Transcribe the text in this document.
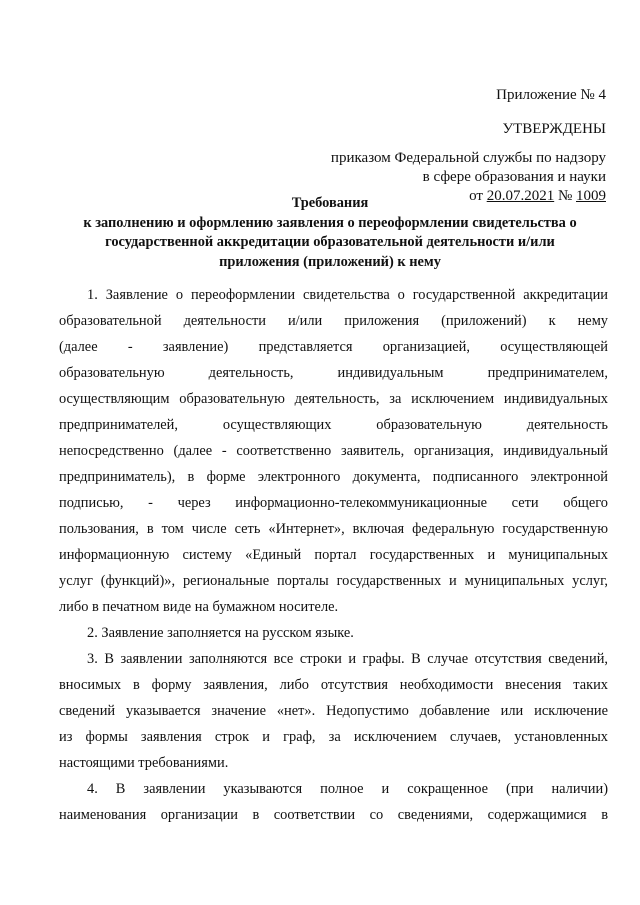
Приложение № 4
УТВЕРЖДЕНЫ

приказом Федеральной службы по надзору
в сфере образования и науки
от 20.07.2021 № 1009
Требования
к заполнению и оформлению заявления о переоформлении свидетельства о
государственной аккредитации образовательной деятельности и/или
приложения (приложений) к нему
1. Заявление о переоформлении свидетельства о государственной аккредитации
образовательной деятельности и/или приложения (приложений) к нему
(далее - заявление) представляется организацией, осуществляющей
образовательную деятельность, индивидуальным предпринимателем,
осуществляющим образовательную деятельность, за исключением индивидуальных
предпринимателей, осуществляющих образовательную деятельность
непосредственно (далее - соответственно заявитель, организация, индивидуальный
предприниматель), в форме электронного документа, подписанного электронной
подписью, - через информационно-телекоммуникационные сети общего
пользования, в том числе сеть «Интернет», включая федеральную государственную
информационную систему «Единый портал государственных и муниципальных
услуг (функций)», региональные порталы государственных и муниципальных услуг,
либо в печатном виде на бумажном носителе.
2. Заявление заполняется на русском языке.
3. В заявлении заполняются все строки и графы. В случае отсутствия сведений,
вносимых в форму заявления, либо отсутствия необходимости внесения таких
сведений указывается значение «нет». Недопустимо добавление или исключение
из формы заявления строк и граф, за исключением случаев, установленных
настоящими требованиями.
4. В заявлении указываются полное и сокращенное (при наличии)
наименования организации в соответствии со сведениями, содержащимися в
